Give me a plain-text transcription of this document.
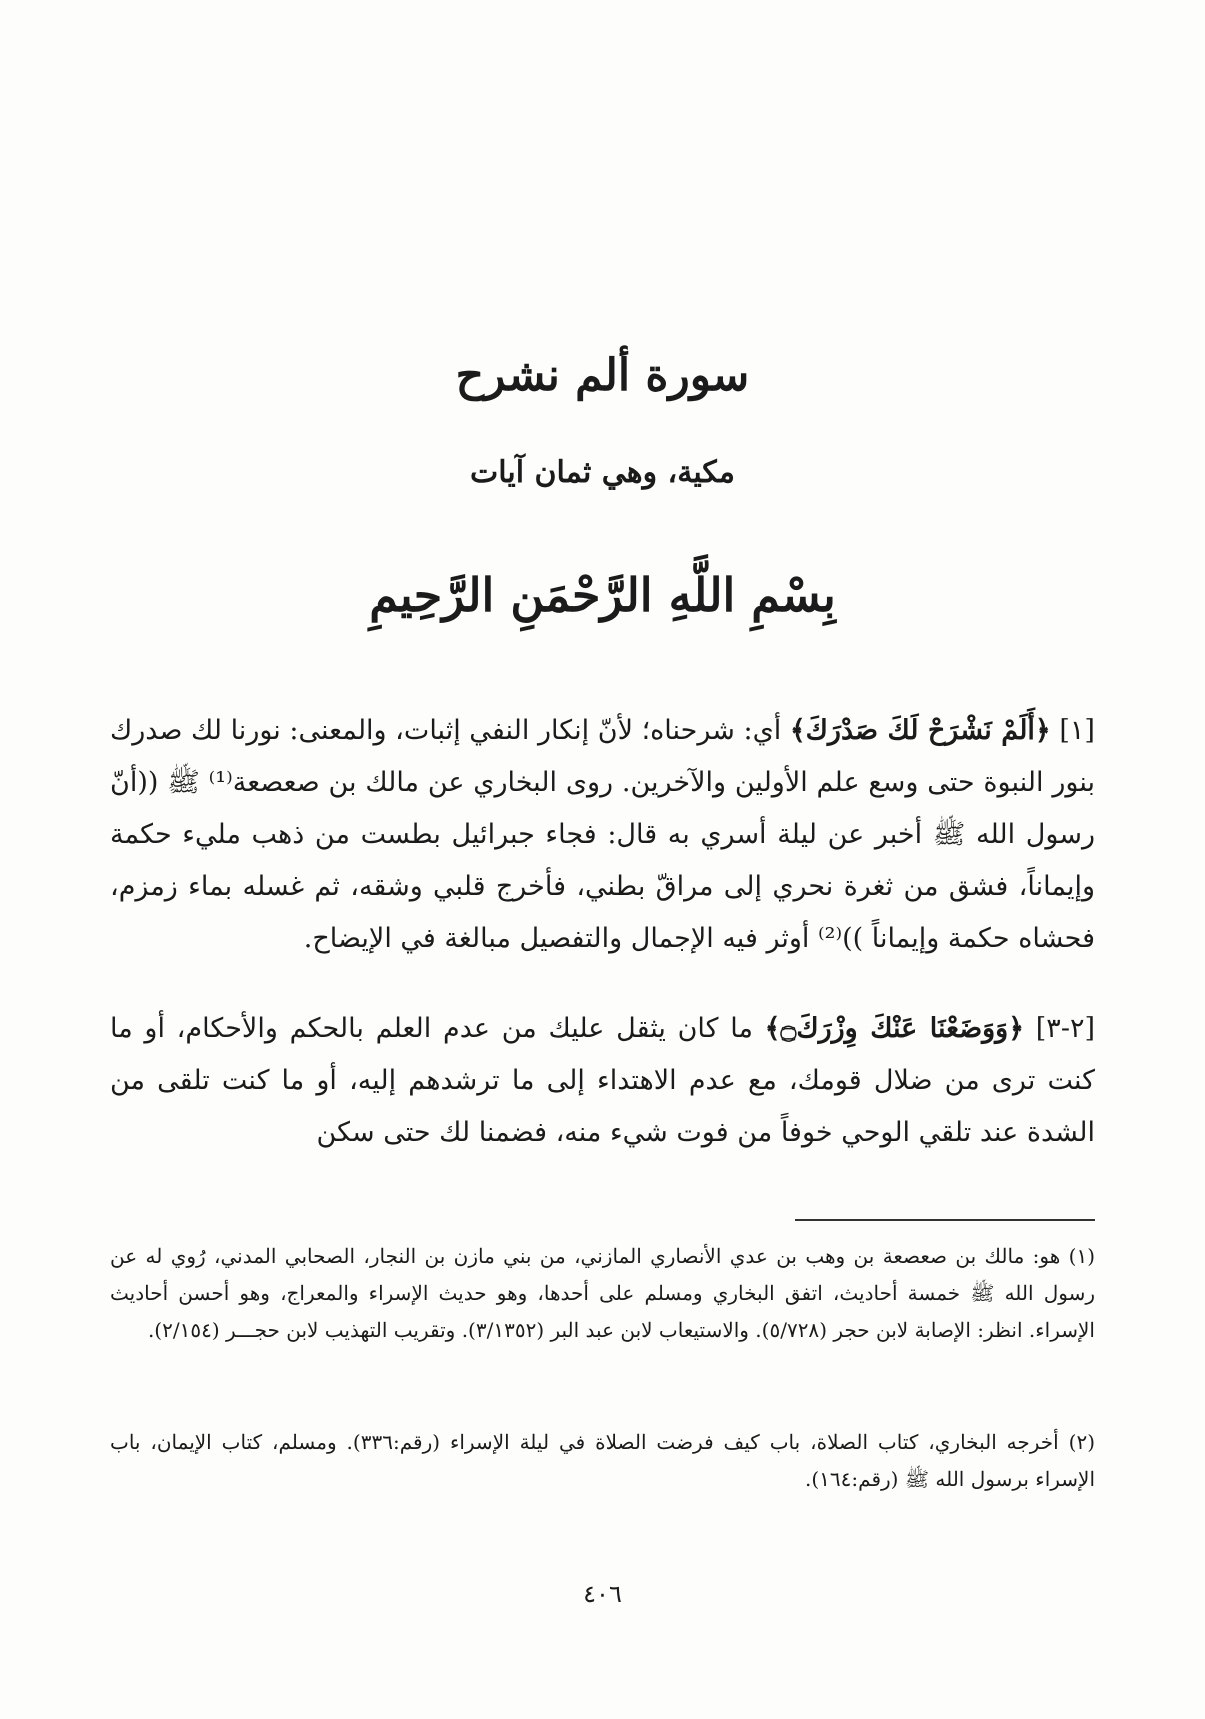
سورة ألم نشرح
مكية، وهي ثمان آيات
بِسْمِ اللَّهِ الرَّحْمَنِ الرَّحِيمِ

[١] ﴿أَلَمْ نَشْرَحْ لَكَ صَدْرَكَ﴾ أي: شرحناه؛ لأنّ إنكار النفي إثبات، والمعنى: نورنا لك صدرك بنور النبوة حتى وسع علم الأولين والآخرين. روى البخاري عن مالك بن صعصعة⁽¹⁾ ﷺ ((أنّ رسول الله ﷺ أخبر عن ليلة أسري به قال: فجاء جبرائيل بطست من ذهب مليء حكمة وإيماناً، فشق من ثغرة نحري إلى مراقّ بطني، فأخرج قلبي وشقه، ثم غسله بماء زمزم، فحشاه حكمة وإيماناً ))⁽²⁾ أوثر فيه الإجمال والتفصيل مبالغة في الإيضاح.

[٢-٣] ﴿وَوَضَعْنَا عَنْكَ وِزْرَكَ۝﴾ ما كان يثقل عليك من عدم العلم بالحكم والأحكام، أو ما كنت ترى من ضلال قومك، مع عدم الاهتداء إلى ما ترشدهم إليه، أو ما كنت تلقى من الشدة عند تلقي الوحي خوفاً من فوت شيء منه، فضمنا لك حتى سكن

(١) هو: مالك بن صعصعة بن وهب بن عدي الأنصاري المازني، من بني مازن بن النجار، الصحابي المدني، رُوي له عن رسول الله ﷺ خمسة أحاديث، اتفق البخاري ومسلم على أحدها، وهو حديث الإسراء والمعراج، وهو أحسن أحاديث الإسراء. انظر: الإصابة لابن حجر (٥/٧٢٨). والاستيعاب لابن عبد البر (٣/١٣٥٢). وتقريب التهذيب لابن حجـــر (٢/١٥٤).

(٢) أخرجه البخاري، كتاب الصلاة، باب كيف فرضت الصلاة في ليلة الإسراء (رقم:٣٣٦). ومسلم، كتاب الإيمان، باب الإسراء برسول الله ﷺ (رقم:١٦٤).

٤٠٦
